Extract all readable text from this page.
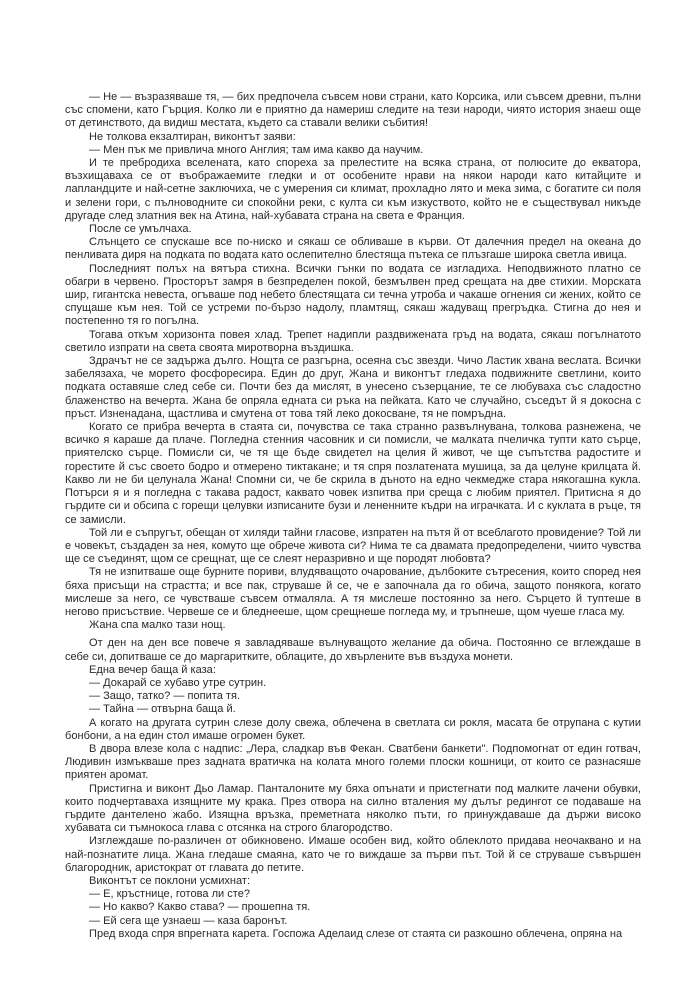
— Не — възразяваше тя, — бих предпочела съвсем нови страни, като Корсика, или съвсем древни, пълни със спомени, като Гърция. Колко ли е приятно да намериш следите на тези народи, чиято история знаеш още от детинството, да видиш местата, където са ставали велики събития!

Не толкова екзалтиран, виконтът заяви:

— Мен пък ме привлича много Англия; там има какво да научим.

И те пребродиха вселената, като спореха за прелестите на всяка страна, от полюсите до екватора, възхищаваха се от въображаемите гледки и от особените нрави на някои народи като китайците и лапландците и най-сетне заключиха, че с умерения си климат, прохладно лято и мека зима, с богатите си поля и зелени гори, с пълноводните си спокойни реки, с култа си към изкуството, който не е съществувал никъде другаде след златния век на Атина, най-хубавата страна на света е Франция.

После се умълчаха.

Слънцето се спускаше все по-ниско и сякаш се обливаше в кърви. От далечния предел на океана до пенливата диря на подката по водата като ослепително блестяща пътека се плъзгаше широка светла ивица.

Последният полъх на вятъра стихна. Всички гънки по водата се изгладиха. Неподвижното платно се обагри в червено. Просторът замря в безпределен покой, безмълвен пред срещата на две стихии. Морската шир, гигантска невеста, огъваше под небето блестящата си течна утроба и чакаше огнения си жених, който се спущаше към нея. Той се устреми по-бързо надолу, пламтящ, сякаш жадуващ прегръдка. Стигна до нея и постепенно тя го погълна.

Тогава откъм хоризонта повея хлад. Трепет надипли раздвижената гръд на водата, сякаш погълнатото светило изпрати на света своята миротворна въздишка.

Здрачът не се задържа дълго. Нощта се разгърна, осеяна със звезди. Чичо Ластик хвана веслата. Всички забелязаха, че морето фосфоресира. Един до друг, Жана и виконтът гледаха подвижните светлини, които подката оставяше след себе си. Почти без да мислят, в унесено съзерцание, те се любуваха със сладостно блаженство на вечерта. Жана бе опряла едната си ръка на пейката. Като че случайно, съседът й я докосна с пръст. Изненадана, щастлива и смутена от това тяй леко докосване, тя не помръдна.

Когато се прибра вечерта в стаята си, почувства се така странно развълнувана, толкова разнежена, че всичко я караше да плаче. Погледна стенния часовник и си помисли, че малката пчеличка тупти като сърце, приятелско сърце. Помисли си, че тя ще бъде свидетел на целия й живот, че ще съпътства радостите и горестите й със своето бодро и отмерено тиктакане; и тя спря позлатената мушица, за да целуне крилцата й. Какво ли не би целунала Жана! Спомни си, че бе скрила в дъното на едно чекмедже стара някогашна кукла. Потърси я и я погледна с такава радост, каквато човек изпитва при среща с любим приятел. Притисна я до гърдите си и обсипа с горещи целувки изписаните бузи и лененните къдри на играчката. И с куклата в ръце, тя се замисли.

Той ли е съпругът, обещан от хиляди тайни гласове, изпратен на пътя й от всеблагото провидение? Той ли е човекът, създаден за нея, комуто ще обрече живота си? Нима те са двамата предопределени, чиито чувства ще се съединят, щом се срещнат, ще се слеят неразривно и ще породят любовта?

Тя не изпитваше още бурните пориви, влудяващото очарование, дълбоките сътресения, които според нея бяха присъщи на страстта; и все пак, струваше й се, че е започнала да го обича, защото понякога, когато мислеше за него, се чувстваше съвсем отмаляла. А тя мислеше постоянно за него. Сърцето й туптеше в негово присъствие. Червеше се и бледнееше, щом срещнеше погледа му, и тръпнеше, щом чуеше гласа му.

Жана спа малко тази нощ.

От ден на ден все повече я завладяваше вълнуващото желание да обича. Постоянно се вглеждаше в себе си, допитваше се до маргаритките, облаците, до хвърлените във въздуха монети.

Една вечер баща й каза:

— Докарай се хубаво утре сутрин.

— Защо, татко? — попита тя.

— Тайна — отвърна баща й.

А когато на другата сутрин слезе долу свежа, облечена в светлата си рокля, масата бе отрупана с кутии бонбони, а на един стол имаше огромен букет.

В двора влезе кола с надпис: „Лера, сладкар във Фекан. Сватбени банкети". Подпомогнат от един готвач, Людивин измъкваше през задната вратичка на колата много големи плоски кошници, от които се разнасяше приятен аромат.

Пристигна и виконт Дьо Ламар. Панталоните му бяха опънати и пристегнати под малките лачени обувки, които подчертаваха изящните му крака. През отвора на силно вталения му дълъг редингот се подаваше на гърдите дантелено жабо. Изящна връзка, преметната няколко пъти, го принуждаваше да държи високо хубавата си тъмнокоса глава с отсянка на строго благородство.

Изглеждаше по-различен от обикновено. Имаше особен вид, който облеклото придава неочаквано и на най-познатите лица. Жана гледаше смаяна, като че го виждаше за първи път. Той й се струваше съвършен благородник, аристократ от главата до петите.

Виконтът се поклони усмихнат:

— Е, кръстнице, готова ли сте?

— Но какво? Какво става? — прошепна тя.

— Ей сега ще узнаеш — каза баронът.

Пред входа спря впрегната карета. Госпожа Аделаид слезе от стаята си разкошно облечена, опряна на
